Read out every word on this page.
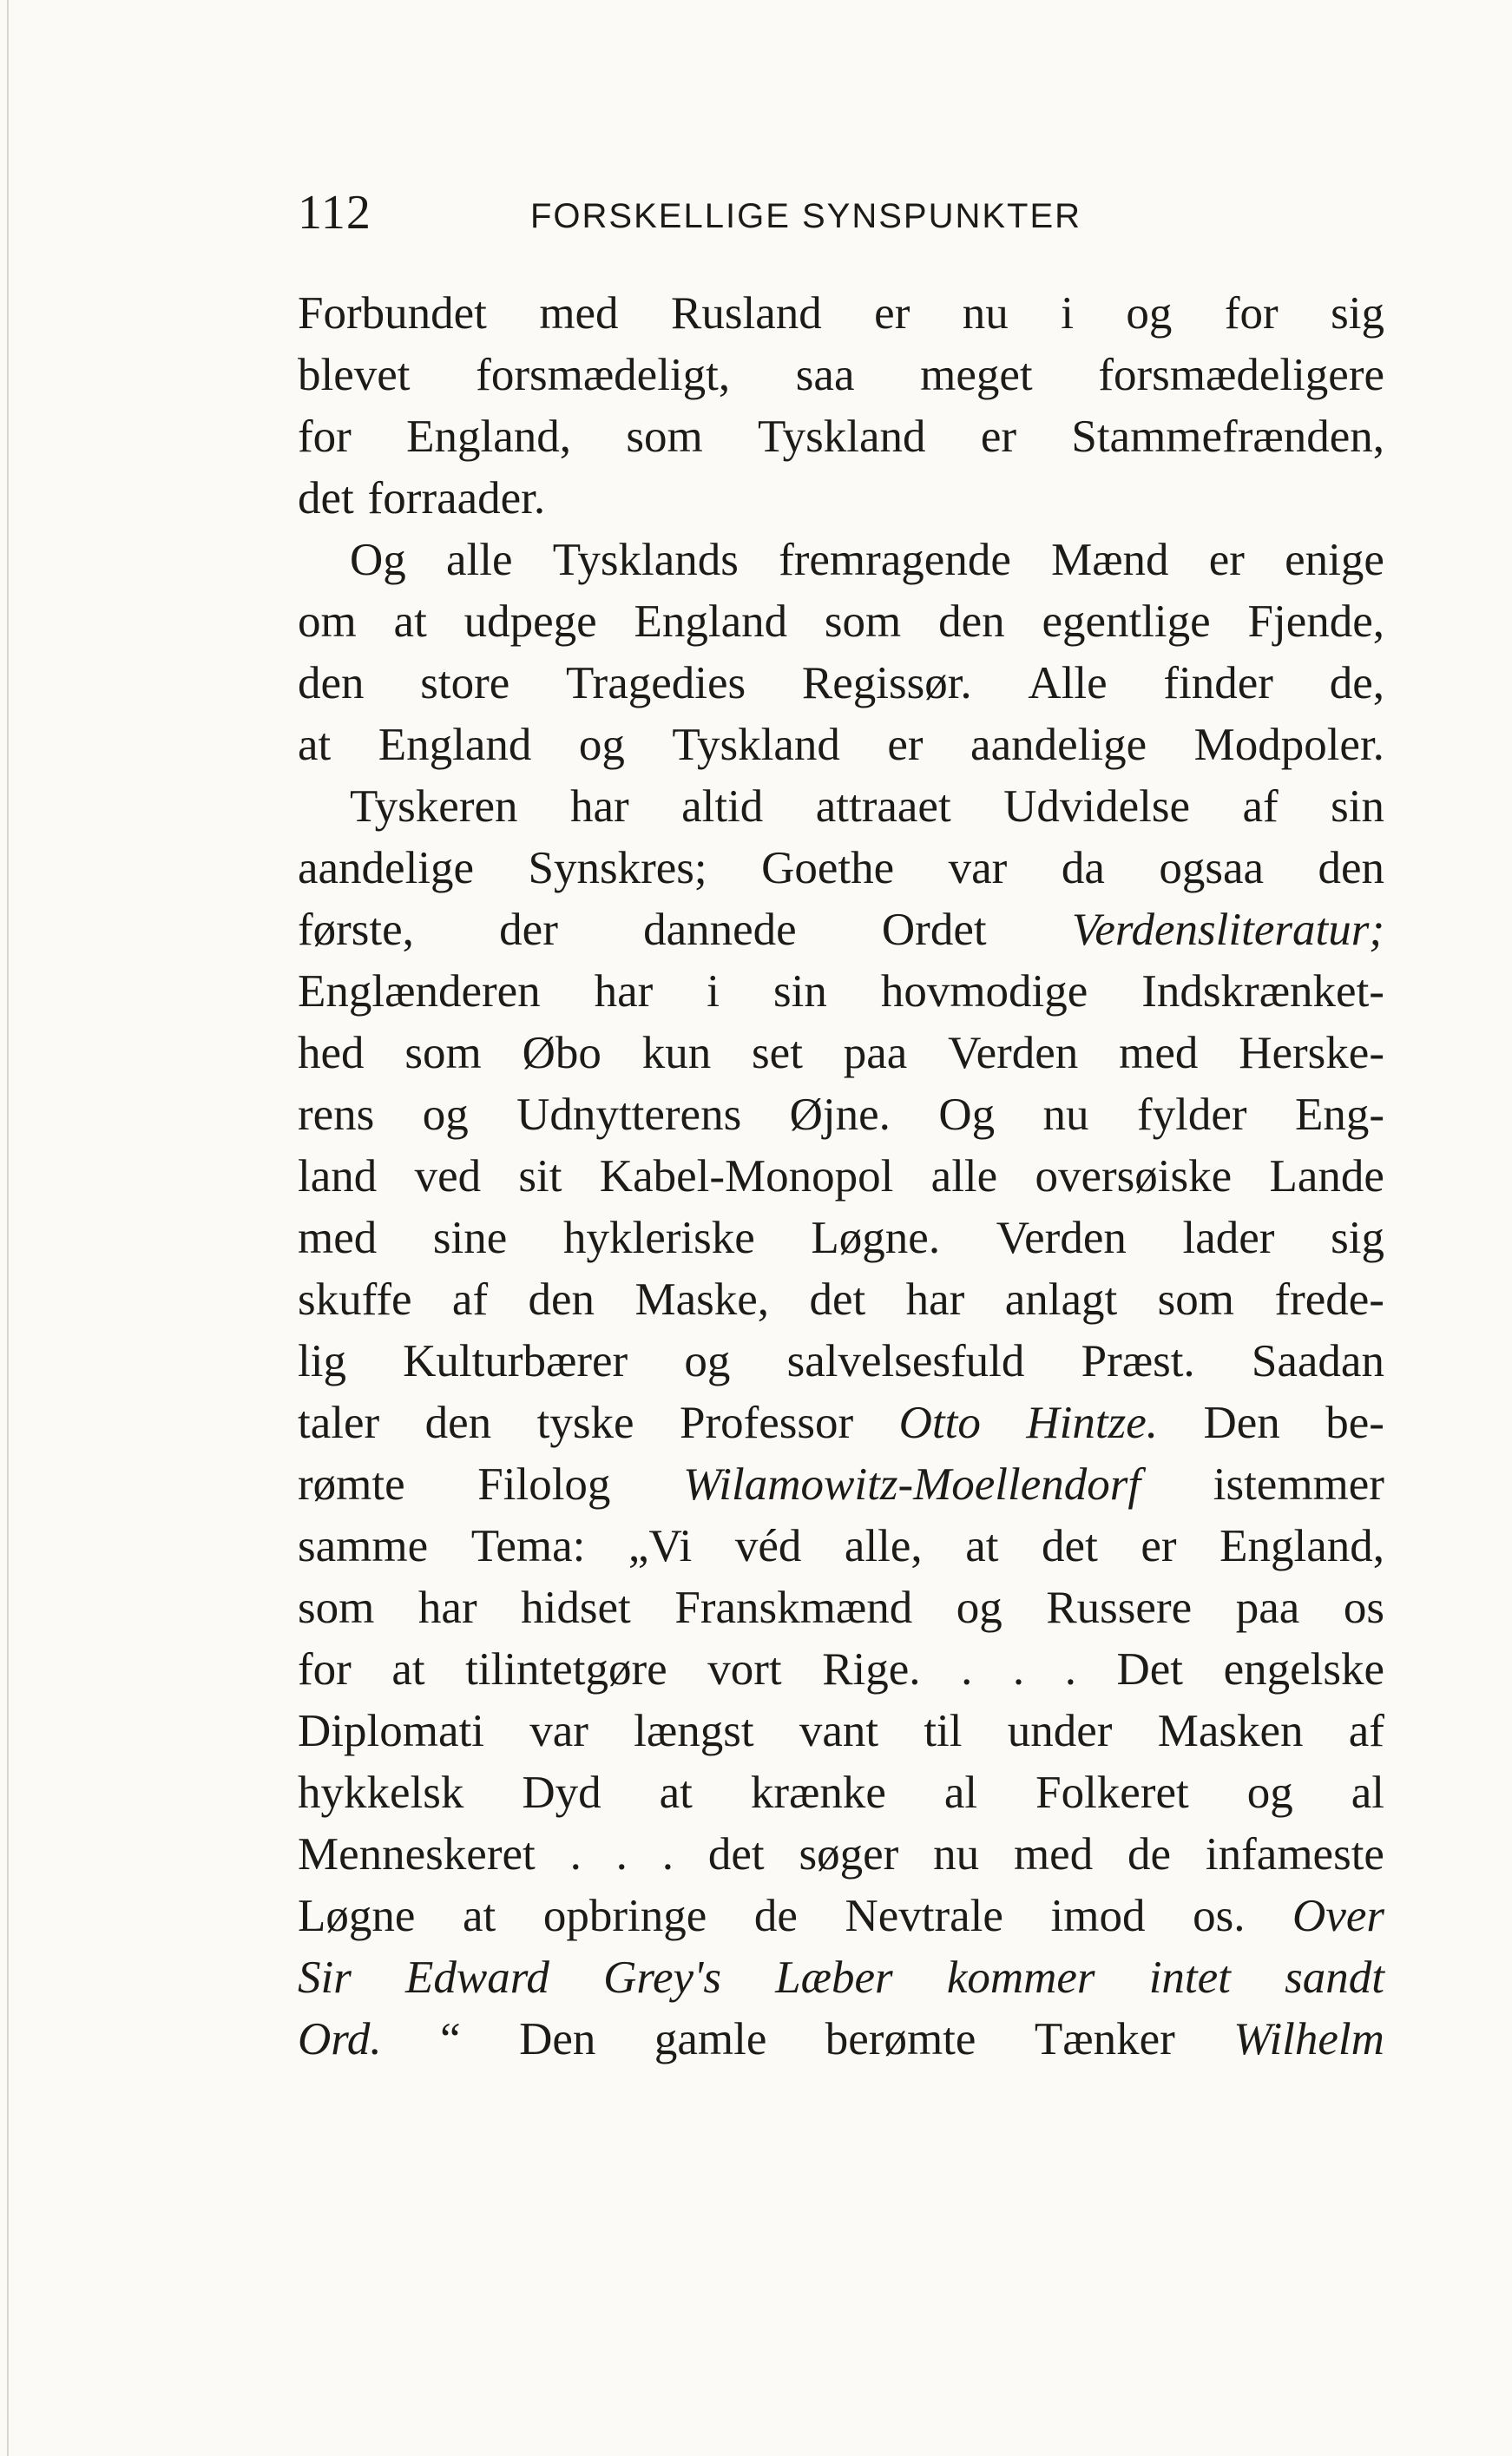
112	FORSKELLIGE SYNSPUNKTER
Forbundet med Rusland er nu i og for sig
blevet forsmædeligt, saa meget forsmædeligere
for England, som Tyskland er Stammefrænden,
det forraader.
Og alle Tysklands fremragende Mænd er enige
om at udpege England som den egentlige Fjende,
den store Tragedies Regissør. Alle finder de,
at England og Tyskland er aandelige Modpoler.
Tyskeren har altid attraaet Udvidelse af sin
aandelige Synskres; Goethe var da ogsaa den
første, der dannede Ordet Verdensliteratur;
Englænderen har i sin hovmodige Indskrænket-
hed som Øbo kun set paa Verden med Herske-
rens og Udnytterens Øjne. Og nu fylder Eng-
land ved sit Kabel-Monopol alle oversøiske Lande
med sine hykleriske Løgne. Verden lader sig
skuffe af den Maske, det har anlagt som frede-
lig Kulturbærer og salvelsesfuld Præst. Saadan
taler den tyske Professor Otto Hintze. Den be-
rømte Filolog Wilamowitz-Moellendorf istemmer
samme Tema: „Vi véd alle, at det er England,
som har hidset Franskmænd og Russere paa os
for at tilintetgøre vort Rige. . . . Det engelske
Diplomati var længst vant til under Masken af
hykkelsk Dyd at krænke al Folkeret og al
Menneskeret . . . det søger nu med de infameste
Løgne at opbringe de Nevtrale imod os. Over
Sir Edward Grey's Læber kommer intet sandt
Ord. “ Den gamle berømte Tænker Wilhelm
